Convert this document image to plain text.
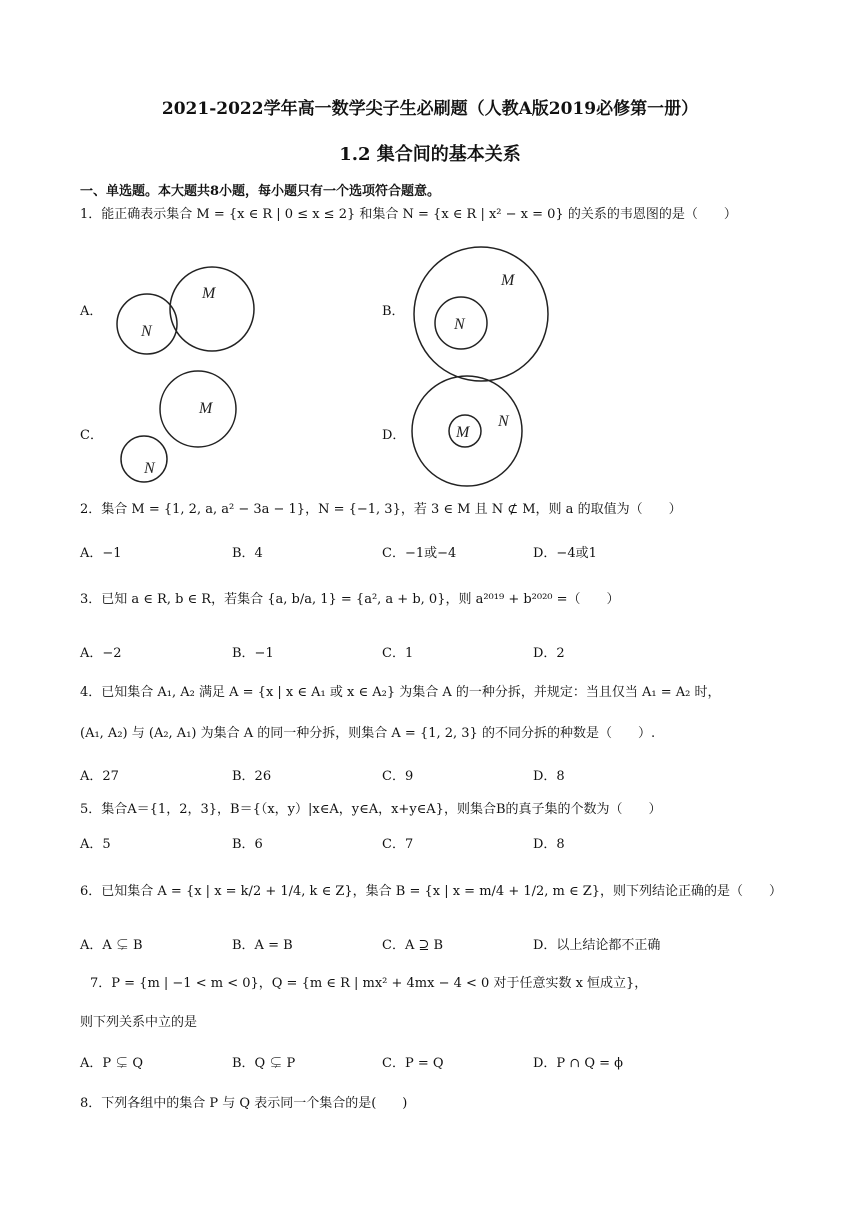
2021-2022学年高一数学尖子生必刷题（人教A版2019必修第一册）
1.2 集合间的基本关系
一、单选题。本大题共8小题，每小题只有一个选项符合题意。
1．能正确表示集合 M = {x ∈ R | 0 ≤ x ≤ 2} 和集合 N = {x ∈ R | x² − x = 0} 的关系的韦恩图的是（　　）
A．
M
N
B．
M
N
C．
M
N
D．	M
N
2．集合 M = {1, 2, a, a² − 3a − 1}，N = {−1, 3}，若 3 ∈ M 且 N ⊄ M，则 a 的取值为（　　）
A．−1	B．4	C．−1或−4	D．−4或1
3．已知 a ∈ R, b ∈ R，若集合 {a, b/a, 1} = {a², a + b, 0}，则 a²⁰¹⁹ + b²⁰²⁰ =（　　）
A．−2	B．−1	C．1	D．2
4．已知集合 A₁, A₂ 满足 A = {x | x ∈ A₁ 或 x ∈ A₂} 为集合 A 的一种分拆，并规定：当且仅当 A₁ = A₂ 时，
(A₁, A₂) 与 (A₂, A₁) 为集合 A 的同一种分拆，则集合 A = {1, 2, 3} 的不同分拆的种数是（　　）.
A．27	B．26	C．9	D．8
5．集合A＝{1，2，3}，B＝{（x，y）|x∈A，y∈A，x+y∈A}，则集合B的真子集的个数为（　　）
A．5	B．6	C．7	D．8
6．已知集合 A = {x | x = k/2 + 1/4, k ∈ Z}，集合 B = {x | x = m/4 + 1/2, m ∈ Z}，则下列结论正确的是（　　）
A．A ⊊ B	B．A = B	C．A ⊇ B	D．以上结论都不正确
7．P = {m | −1 < m < 0}，Q = {m ∈ R | mx² + 4mx − 4 < 0 对于任意实数 x 恒成立}，
则下列关系中立的是
A．P ⊊ Q	B．Q ⊊ P	C．P = Q	D．P ∩ Q = ϕ
8．下列各组中的集合 P 与 Q 表示同一个集合的是(　　)
